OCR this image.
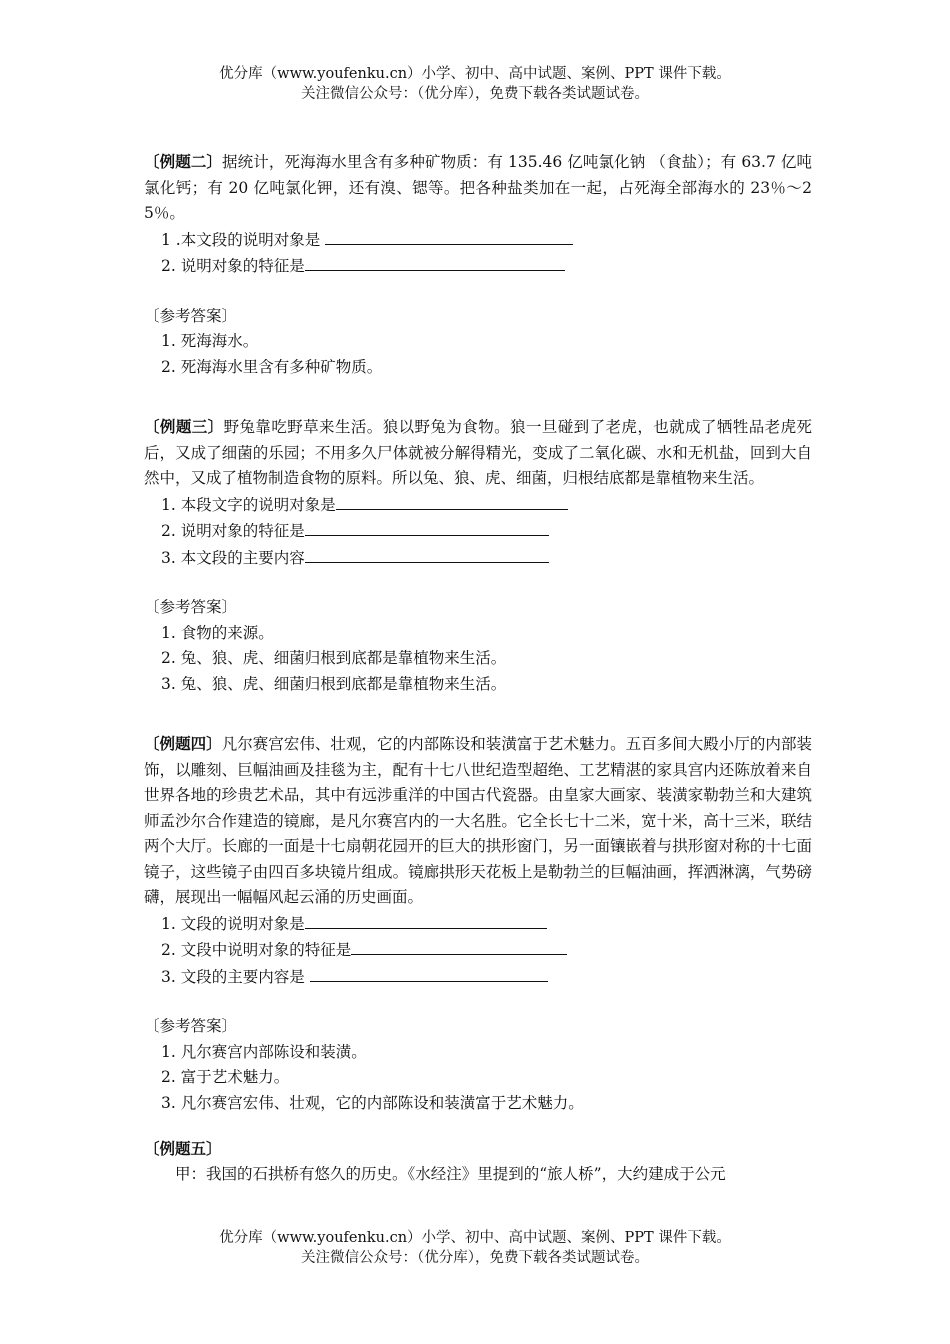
优分库（www.youfenku.cn）小学、初中、高中试题、案例、PPT 课件下载。
关注微信公众号：（优分库），免费下载各类试题试卷。

〔例题二〕据统计，死海海水里含有多种矿物质：有 135.46 亿吨氯化钠 （食盐）；有 63.7 亿吨氯化钙；有 20 亿吨氯化钾，还有溴、锶等。把各种盐类加在一起，占死海全部海水的 23％～25％。

1 .本文段的说明对象是

2. 说明对象的特征是

〔参考答案〕

1. 死海海水。

2. 死海海水里含有多种矿物质。

〔例题三〕野兔靠吃野草来生活。狼以野兔为食物。狼一旦碰到了老虎，也就成了牺牲品老虎死后，又成了细菌的乐园；不用多久尸体就被分解得精光，变成了二氧化碳、水和无机盐，回到大自然中，又成了植物制造食物的原料。所以兔、狼、虎、细菌，归根结底都是靠植物来生活。

1. 本段文字的说明对象是

2. 说明对象的特征是

3. 本文段的主要内容

〔参考答案〕

1. 食物的来源。

2. 兔、狼、虎、细菌归根到底都是靠植物来生活。

3. 兔、狼、虎、细菌归根到底都是靠植物来生活。

〔例题四〕凡尔赛宫宏伟、壮观，它的内部陈设和装潢富于艺术魅力。五百多间大殿小厅的内部装饰，以雕刻、巨幅油画及挂毯为主，配有十七八世纪造型超绝、工艺精湛的家具宫内还陈放着来自世界各地的珍贵艺术品，其中有远涉重洋的中国古代瓷器。由皇家大画家、装潢家勒勃兰和大建筑师孟沙尔合作建造的镜廊，是凡尔赛宫内的一大名胜。它全长七十二米，宽十米，高十三米，联结两个大厅。长廊的一面是十七扇朝花园开的巨大的拱形窗门，另一面镶嵌着与拱形窗对称的十七面镜子，这些镜子由四百多块镜片组成。镜廊拱形天花板上是勒勃兰的巨幅油画，挥洒淋漓，气势磅礴，展现出一幅幅风起云涌的历史画面。

1. 文段的说明对象是

2. 文段中说明对象的特征是

3. 文段的主要内容是

〔参考答案〕

1. 凡尔赛宫内部陈设和装潢。

2. 富于艺术魅力。

3. 凡尔赛宫宏伟、壮观，它的内部陈设和装潢富于艺术魅力。

〔例题五〕

甲：我国的石拱桥有悠久的历史。《水经注》里提到的“旅人桥”，大约建成于公元

优分库（www.youfenku.cn）小学、初中、高中试题、案例、PPT 课件下载。
关注微信公众号：（优分库），免费下载各类试题试卷。
